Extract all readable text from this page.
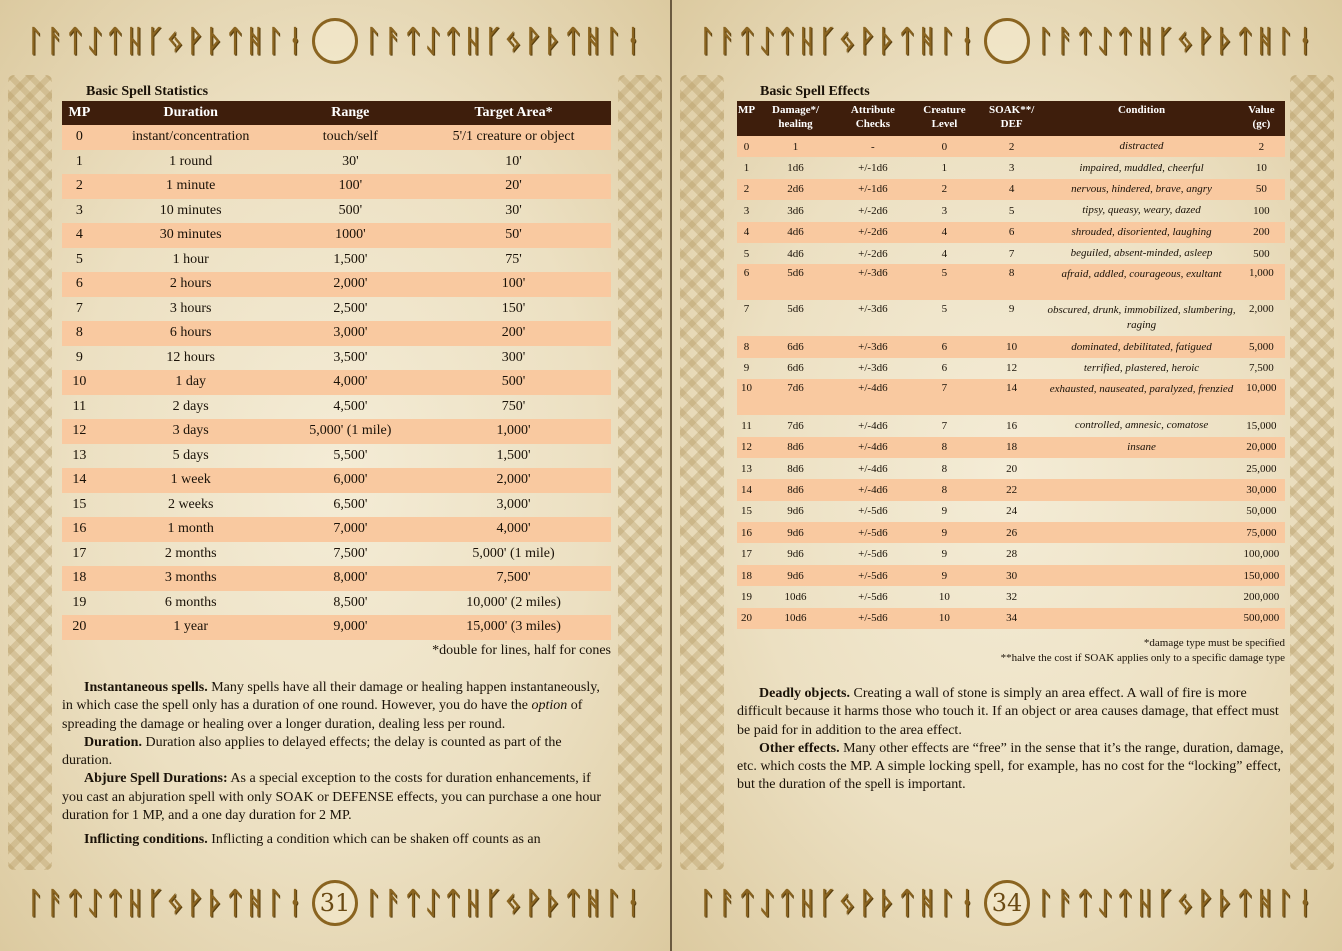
ᛚᚨᛏᛇᛏᚺᚴᛃᚹᚦᛏᚻᛚᛂ ᛚᚨᛏᛇᛏᚺᚴᛃᚹᚦᛏᚻᛚᛂ
ᛚᚨᛏᛇᛏᚺᚴᛃᚹᚦᛏᚻᛚᛂ 31 ᛚᚨᛏᛇᛏᚺᚴᛃᚹᚦᛏᚻᛚᛂ
ᛚᚨᛏᛇᛏᚺᚴᛃᚹᚦᛏᚻᛚᛂ ᛚᚨᛏᛇᛏᚺᚴᛃᚹᚦᛏᚻᛚᛂ
ᛚᚨᛏᛇᛏᚺᚴᛃᚹᚦᛏᚻᛚᛂ 34 ᛚᚨᛏᛇᛏᚺᚴᛃᚹᚦᛏᚻᛚᛂ
Basic Spell Statistics
MP	Duration	Range	Target Area*
0	instant/concentration	touch/self	5'/1 creature or object
1	1 round	30'	10'
2	1 minute	100'	20'
3	10 minutes	500'	30'
4	30 minutes	1000'	50'
5	1 hour	1,500'	75'
6	2 hours	2,000'	100'
7	3 hours	2,500'	150'
8	6 hours	3,000'	200'
9	12 hours	3,500'	300'
10	1 day	4,000'	500'
11	2 days	4,500'	750'
12	3 days	5,000' (1 mile)	1,000'
13	5 days	5,500'	1,500'
14	1 week	6,000'	2,000'
15	2 weeks	6,500'	3,000'
16	1 month	7,000'	4,000'
17	2 months	7,500'	5,000' (1 mile)
18	3 months	8,000'	7,500'
19	6 months	8,500'	10,000' (2 miles)
20	1 year	9,000'	15,000' (3 miles)
*double for lines, half for cones

Instantaneous spells. Many spells have all their damage or healing happen instantaneously, in which case the spell only has a duration of one round. However, you do have the option of spreading the damage or healing over a longer duration, dealing less per round.

Duration. Duration also applies to delayed effects; the delay is counted as part of the duration.

Abjure Spell Durations: As a special exception to the costs for duration enhancements, if you cast an abjuration spell with only SOAK or DEFENSE effects, you can purchase a one hour duration for 1 MP, and a one day duration for 2 MP.

Inflicting conditions. Inflicting a condition which can be shaken off counts as an

Basic Spell Effects
MP	Damage*/ healing	Attribute Checks	Creature Level	SOAK**/ DEF	Condition	Value (gc)
0	1	-	0	2	distracted	2
1	1d6	+/-1d6	1	3	impaired, muddled, cheerful	10
2	2d6	+/-1d6	2	4	nervous, hindered, brave, angry	50
3	3d6	+/-2d6	3	5	tipsy, queasy, weary, dazed	100
4	4d6	+/-2d6	4	6	shrouded, disoriented, laughing	200
5	4d6	+/-2d6	4	7	beguiled, absent-minded, asleep	500
6	5d6	+/-3d6	5	8	afraid, addled, courageous, exultant	1,000
7	5d6	+/-3d6	5	9	obscured, drunk, immobilized, slumbering, raging	2,000
8	6d6	+/-3d6	6	10	dominated, debilitated, fatigued	5,000
9	6d6	+/-3d6	6	12	terrified, plastered, heroic	7,500
10	7d6	+/-4d6	7	14	exhausted, nauseated, paralyzed, frenzied	10,000
11	7d6	+/-4d6	7	16	controlled, amnesic, comatose	15,000
12	8d6	+/-4d6	8	18	insane	20,000
13	8d6	+/-4d6	8	20		25,000
14	8d6	+/-4d6	8	22		30,000
15	9d6	+/-5d6	9	24		50,000
16	9d6	+/-5d6	9	26		75,000
17	9d6	+/-5d6	9	28		100,000
18	9d6	+/-5d6	9	30		150,000
19	10d6	+/-5d6	10	32		200,000
20	10d6	+/-5d6	10	34		500,000
*damage type must be specified
**halve the cost if SOAK applies only to a specific damage type

Deadly objects. Creating a wall of stone is simply an area effect. A wall of fire is more difficult because it harms those who touch it. If an object or area causes damage, that effect must be paid for in addition to the area effect.

Other effects. Many other effects are “free” in the sense that it’s the range, duration, damage, etc. which costs the MP. A simple locking spell, for example, has no cost for the “locking” effect, but the duration of the spell is important.
